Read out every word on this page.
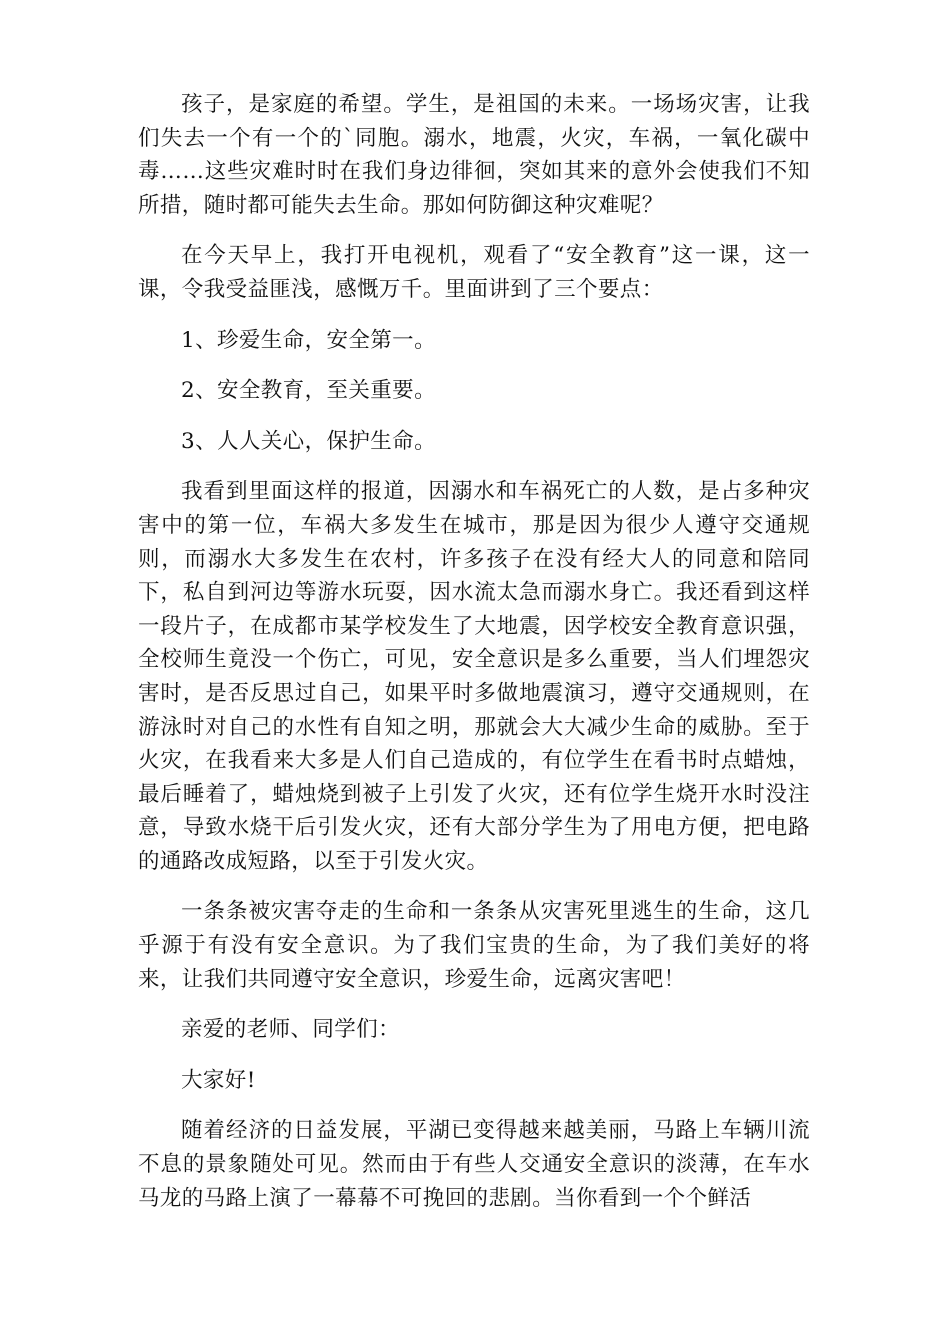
孩子，是家庭的希望。学生，是祖国的未来。一场场灾害，让我们失去一个有一个的`同胞。溺水，地震，火灾，车祸，一氧化碳中毒……这些灾难时时在我们身边徘徊，突如其来的意外会使我们不知所措，随时都可能失去生命。那如何防御这种灾难呢？

在今天早上，我打开电视机，观看了“安全教育”这一课，这一课，令我受益匪浅，感慨万千。里面讲到了三个要点：

1、珍爱生命，安全第一。

2、安全教育，至关重要。

3、人人关心，保护生命。

我看到里面这样的报道，因溺水和车祸死亡的人数，是占多种灾害中的第一位，车祸大多发生在城市，那是因为很少人遵守交通规则，而溺水大多发生在农村，许多孩子在没有经大人的同意和陪同下，私自到河边等游水玩耍，因水流太急而溺水身亡。我还看到这样一段片子，在成都市某学校发生了大地震，因学校安全教育意识强，全校师生竟没一个伤亡，可见，安全意识是多么重要，当人们埋怨灾害时，是否反思过自己，如果平时多做地震演习，遵守交通规则，在游泳时对自己的水性有自知之明，那就会大大减少生命的威胁。至于火灾，在我看来大多是人们自己造成的，有位学生在看书时点蜡烛，最后睡着了，蜡烛烧到被子上引发了火灾，还有位学生烧开水时没注意，导致水烧干后引发火灾，还有大部分学生为了用电方便，把电路的通路改成短路，以至于引发火灾。

一条条被灾害夺走的生命和一条条从灾害死里逃生的生命，这几乎源于有没有安全意识。为了我们宝贵的生命，为了我们美好的将来，让我们共同遵守安全意识，珍爱生命，远离灾害吧！

亲爱的老师、同学们：

大家好!

随着经济的日益发展，平湖已变得越来越美丽，马路上车辆川流不息的景象随处可见。然而由于有些人交通安全意识的淡薄，在车水马龙的马路上演了一幕幕不可挽回的悲剧。当你看到一个个鲜活
